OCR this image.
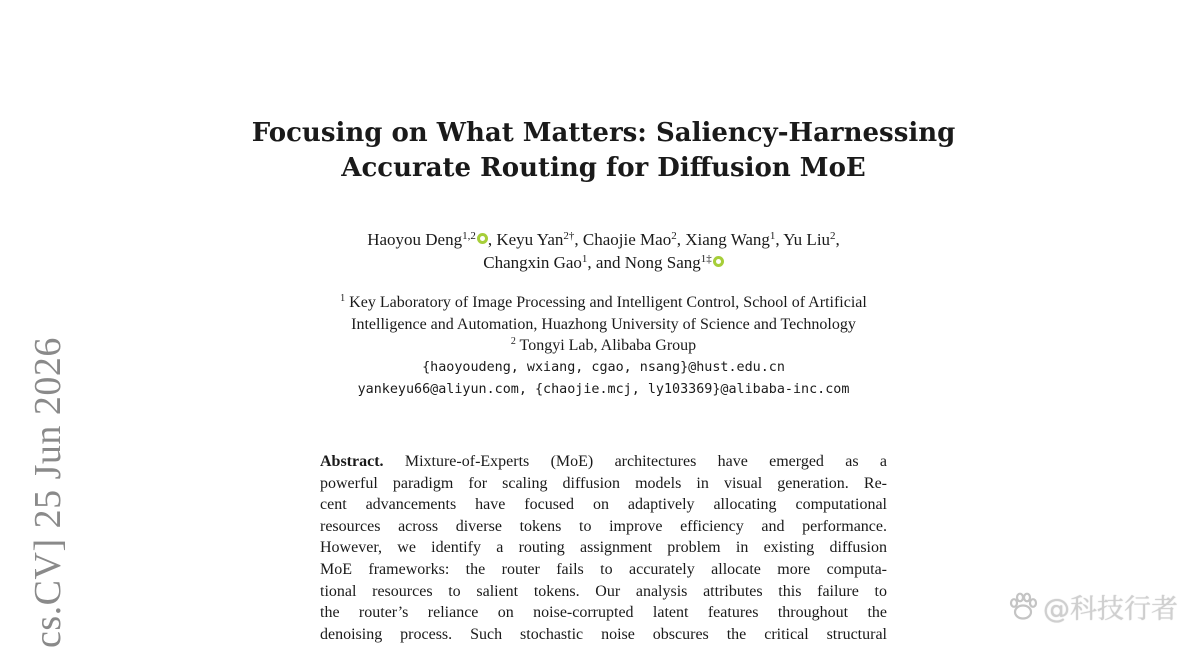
Focusing on What Matters: Saliency-Harnessing
Accurate Routing for Diffusion MoE
Haoyou Deng$^{1,2}$ , Keyu Yan$^{2\dagger}$, Chaojie Mao$^2$, Xiang Wang$^1$, Yu Liu$^2$,
Changxin Gao$^1$, and Nong Sang$^{1\ddagger}$
$^1$ Key Laboratory of Image Processing and Intelligent Control, School of Artificial
Intelligence and Automation, Huazhong University of Science and Technology
$^2$ Tongyi Lab, Alibaba Group
{haoyoudeng, wxiang, cgao, nsang}@hust.edu.cn
yankeyu66@aliyun.com, {chaojie.mcj, ly103369}@alibaba-inc.com
Abstract. Mixture-of-Experts (MoE) architectures have emerged as a
powerful paradigm for scaling diffusion models in visual generation. Re-
cent advancements have focused on adaptively allocating computational
resources across diverse tokens to improve efficiency and performance.
However, we identify a routing assignment problem in existing diffusion
MoE frameworks: the router fails to accurately allocate more computa-
tional resources to salient tokens. Our analysis attributes this failure to
the router’s reliance on noise-corrupted latent features throughout the
denoising process. Such stochastic noise obscures the critical structural
cs.CV] 25 Jun 2026	@科技行者
